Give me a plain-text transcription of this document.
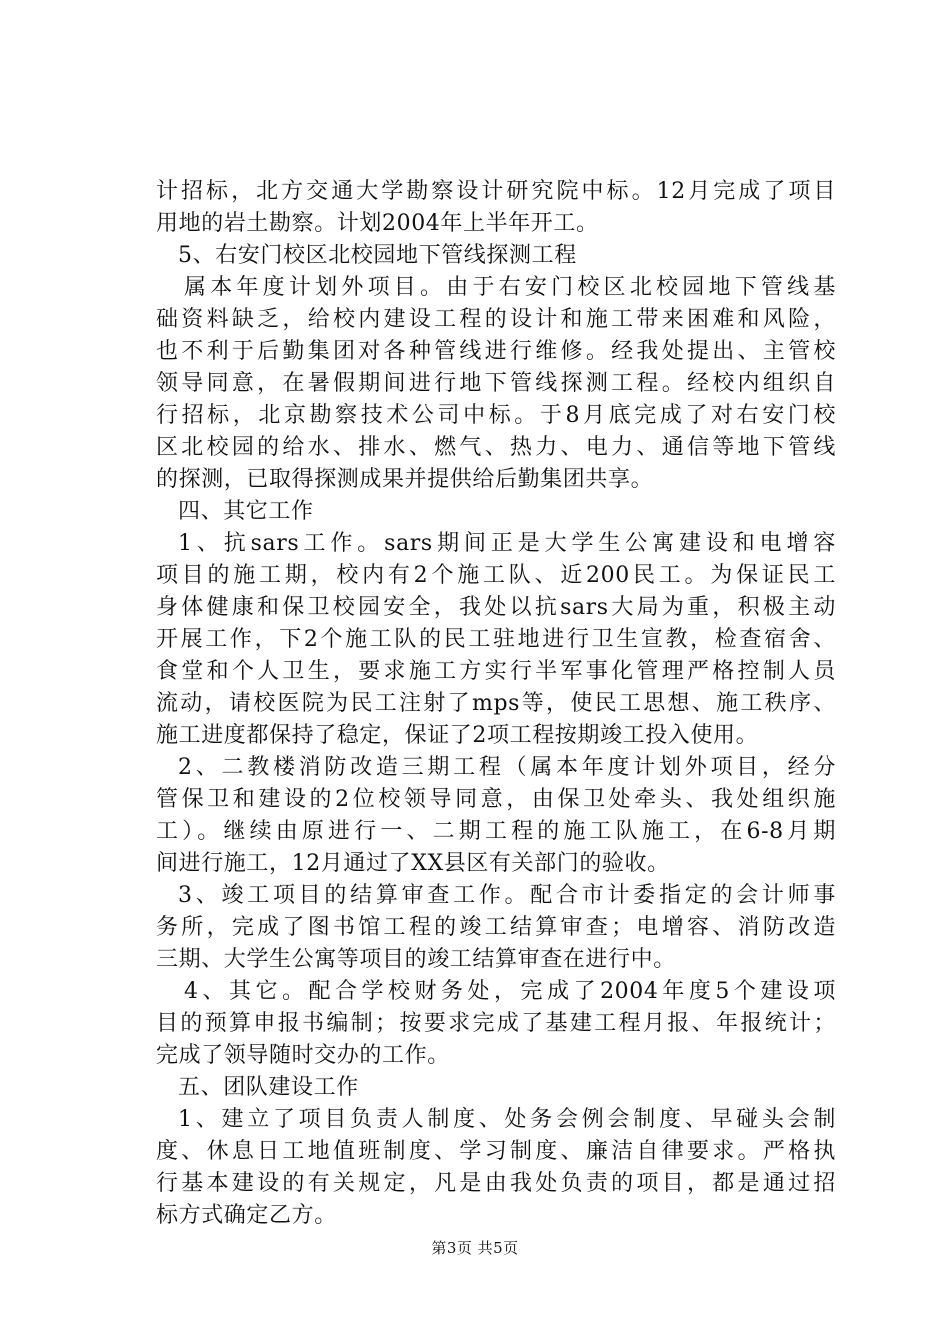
计招标，北方交通大学勘察设计研究院中标。12月完成了项目
用地的岩土勘察。计划2004年上半年开工。
5、右安门校区北校园地下管线探测工程
属本年度计划外项目。由于右安门校区北校园地下管线基
础资料缺乏，给校内建设工程的设计和施工带来困难和风险，
也不利于后勤集团对各种管线进行维修。经我处提出、主管校
领导同意，在暑假期间进行地下管线探测工程。经校内组织自
行招标，北京勘察技术公司中标。于8月底完成了对右安门校
区北校园的给水、排水、燃气、热力、电力、通信等地下管线
的探测，已取得探测成果并提供给后勤集团共享。
四、其它工作
1、抗sars工作。sars期间正是大学生公寓建设和电增容
项目的施工期，校内有2个施工队、近200民工。为保证民工
身体健康和保卫校园安全，我处以抗sars大局为重，积极主动
开展工作，下2个施工队的民工驻地进行卫生宣教，检查宿舍、
食堂和个人卫生，要求施工方实行半军事化管理严格控制人员
流动，请校医院为民工注射了mps等，使民工思想、施工秩序、
施工进度都保持了稳定，保证了2项工程按期竣工投入使用。
2、二教楼消防改造三期工程（属本年度计划外项目，经分
管保卫和建设的2位校领导同意，由保卫处牵头、我处组织施
工）。继续由原进行一、二期工程的施工队施工，在6-8月期
间进行施工，12月通过了XX县区有关部门的验收。
3、竣工项目的结算审查工作。配合市计委指定的会计师事
务所，完成了图书馆工程的竣工结算审查；电增容、消防改造
三期、大学生公寓等项目的竣工结算审查在进行中。
4、其它。配合学校财务处，完成了2004年度5个建设项
目的预算申报书编制；按要求完成了基建工程月报、年报统计；
完成了领导随时交办的工作。
五、团队建设工作
1、建立了项目负责人制度、处务会例会制度、早碰头会制
度、休息日工地值班制度、学习制度、廉洁自律要求。严格执
行基本建设的有关规定，凡是由我处负责的项目，都是通过招
标方式确定乙方。
第3页 共5页
